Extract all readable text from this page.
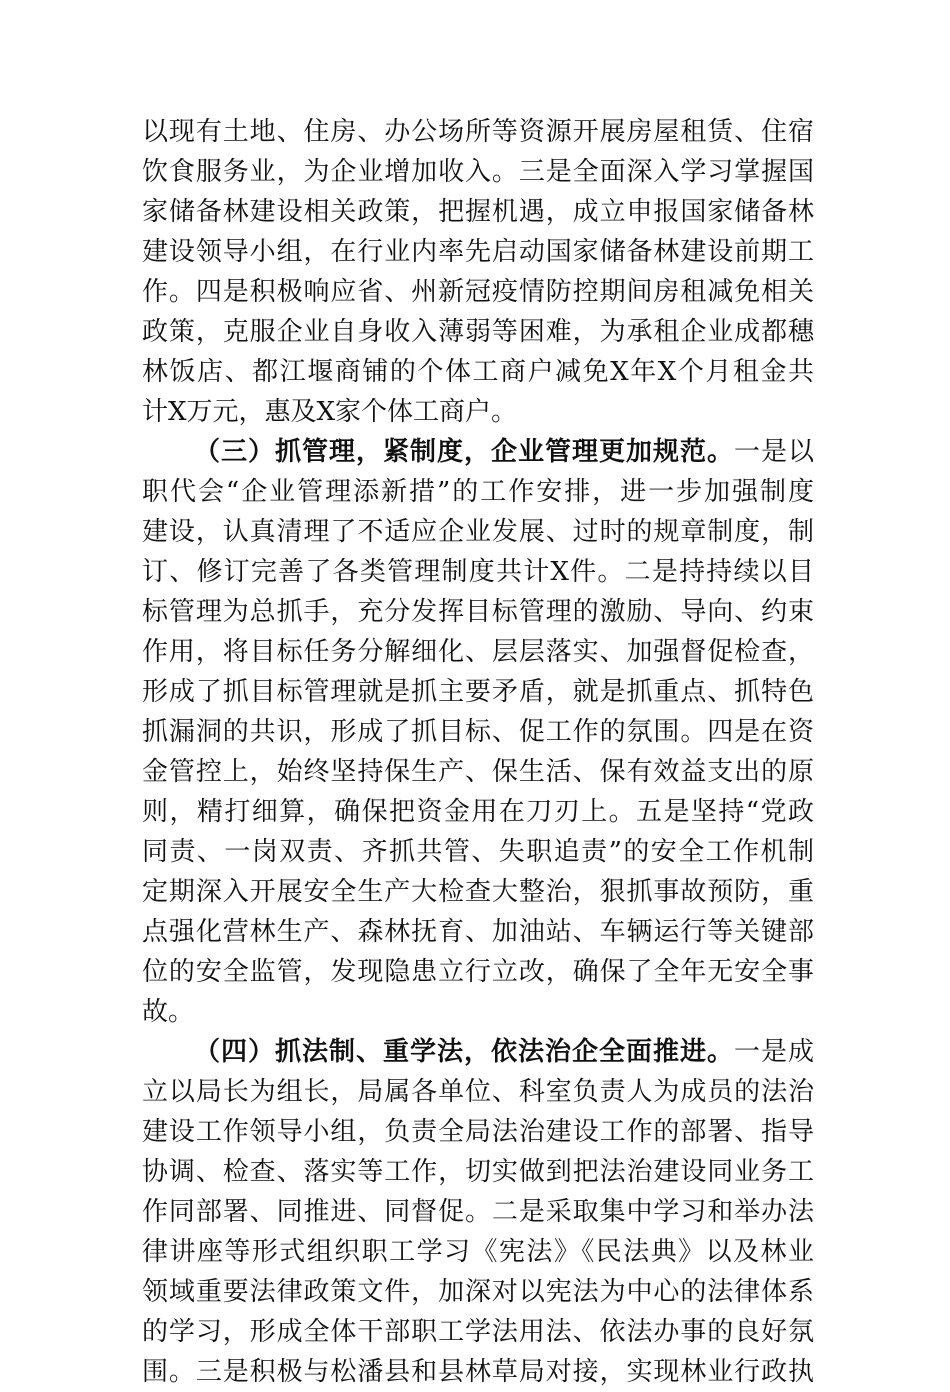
以现有土地、住房、办公场所等资源开展房屋租赁、住宿
饮食服务业，为企业增加收入。三是全面深入学习掌握国
家储备林建设相关政策，把握机遇，成立申报国家储备林
建设领导小组，在行业内率先启动国家储备林建设前期工
作。四是积极响应省、州新冠疫情防控期间房租减免相关
政策，克服企业自身收入薄弱等困难，为承租企业成都穗
林饭店、都江堰商铺的个体工商户减免X年X个月租金共
计X万元，惠及X家个体工商户。
（三）抓管理，紧制度，企业管理更加规范。一是以
职代会“企业管理添新措”的工作安排，进一步加强制度
建设，认真清理了不适应企业发展、过时的规章制度，制
订、修订完善了各类管理制度共计X件。二是持持续以目
标管理为总抓手，充分发挥目标管理的激励、导向、约束
作用，将目标任务分解细化、层层落实、加强督促检查，
形成了抓目标管理就是抓主要矛盾，就是抓重点、抓特色
抓漏洞的共识，形成了抓目标、促工作的氛围。四是在资
金管控上，始终坚持保生产、保生活、保有效益支出的原
则，精打细算，确保把资金用在刀刃上。五是坚持“党政
同责、一岗双责、齐抓共管、失职追责”的安全工作机制
定期深入开展安全生产大检查大整治，狠抓事故预防，重
点强化营林生产、森林抚育、加油站、车辆运行等关键部
位的安全监管，发现隐患立行立改，确保了全年无安全事
故。
（四）抓法制、重学法，依法治企全面推进。一是成
立以局长为组长，局属各单位、科室负责人为成员的法治
建设工作领导小组，负责全局法治建设工作的部署、指导
协调、检查、落实等工作，切实做到把法治建设同业务工
作同部署、同推进、同督促。二是采取集中学习和举办法
律讲座等形式组织职工学习《宪法》《民法典》以及林业
领域重要法律政策文件，加深对以宪法为中心的法律体系
的学习，形成全体干部职工学法用法、依法办事的良好氛
围。三是积极与松潘县和县林草局对接，实现林业行政执
